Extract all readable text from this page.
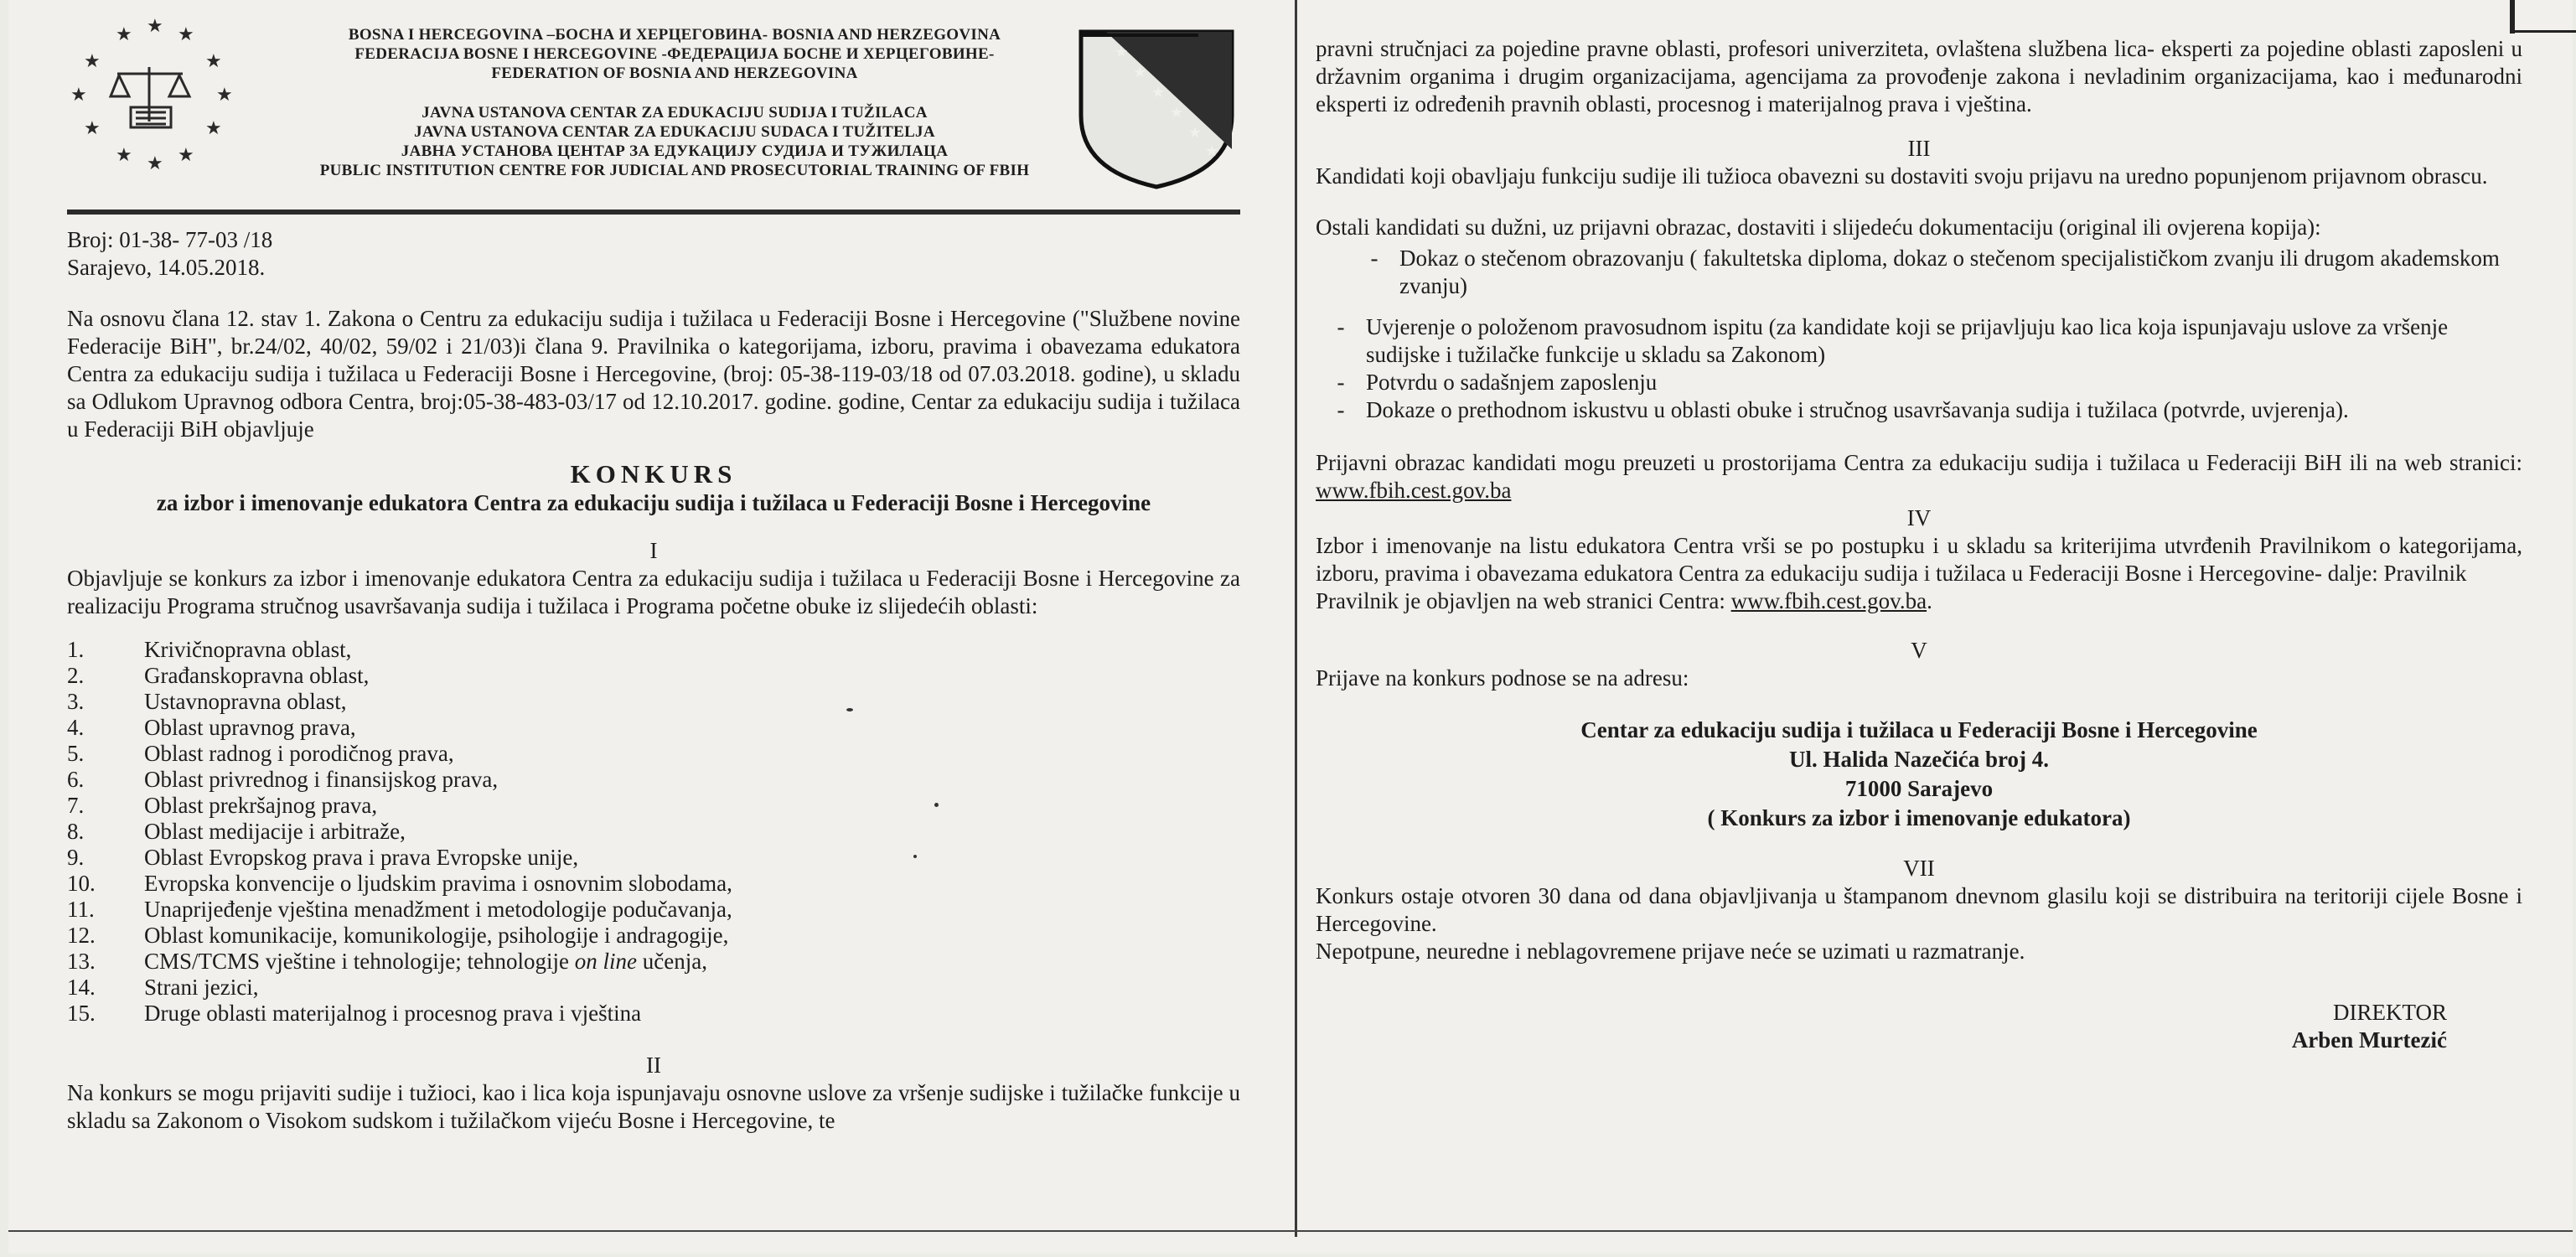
★ ★ ★
★	★
★	★
★	★
★ ★ ★
BOSNA I HERCEGOVINA –БОСНА И ХЕРЦЕГОВИНА- BOSNIA AND HERZEGOVINA
FEDERACIJA BOSNE I HERCEGOVINE -ФЕДЕРАЦИЈА БОСНЕ И ХЕРЦЕГОВИНЕ-
FEDERATION OF BOSNIA AND HERZEGOVINA
JAVNA USTANOVA CENTAR ZA EDUKACIJU SUDIJA I TUŽILACA
JAVNA USTANOVA CENTAR ZA EDUKACIJU SUDACA I TUŽITELJA
ЈАВНА УСТАНОВА ЦЕНТАР ЗА ЕДУКАЦИЈУ СУДИЈА И ТУЖИЛАЦА
PUBLIC INSTITUTION CENTRE FOR JUDICIAL AND PROSECUTORIAL TRAINING OF FBIH
★
★
★
★
★
★

Broj: 01-38- 77-03 /18

Sarajevo, 14.05.2018.

Na osnovu člana 12. stav 1. Zakona o Centru za edukaciju sudija i tužilaca u Federaciji Bosne i Hercegovine ("Službene novine Federacije BiH", br.24/02, 40/02, 59/02 i 21/03)i člana 9. Pravilnika o kategorijama, izboru, pravima i obavezama edukatora Centra za edukaciju sudija i tužilaca u Federaciji Bosne i Hercegovine, (broj: 05-38-119-03/18 od 07.03.2018. godine), u skladu sa Odlukom Upravnog odbora Centra, broj:05-38-483-03/17 od 12.10.2017. godine. godine, Centar za edukaciju sudija i tužilaca u Federaciji BiH objavljuje

KONKURS
za izbor i imenovanje edukatora Centra za edukaciju sudija i tužilaca u Federaciji Bosne i Hercegovine
I

Objavljuje se konkurs za izbor i imenovanje edukatora Centra za edukaciju sudija i tužilaca u Federaciji Bosne i Hercegovine za realizaciju Programa stručnog usavršavanja sudija i tužilaca i Programa početne obuke iz slijedećih oblasti:

1.	Krivičnopravna oblast,
2.	Građanskopravna oblast,
3.	Ustavnopravna oblast,
4.	Oblast upravnog prava,
5.	Oblast radnog i porodičnog prava,
6.	Oblast privrednog i finansijskog prava,
7.	Oblast prekršajnog prava,
8.	Oblast medijacije i arbitraže,
9.	Oblast Evropskog prava i prava Evropske unije,
10.	Evropska konvencije o ljudskim pravima i osnovnim slobodama,
11.	Unaprijeđenje vještina menadžment i metodologije podučavanja,
12.	Oblast komunikacije, komunikologije, psihologije i andragogije,
13.	CMS/TCMS vještine i tehnologije; tehnologije on line učenja,
14.	Strani jezici,
15.	Druge oblasti materijalnog i procesnog prava i vještina
II

Na konkurs se mogu prijaviti sudije i tužioci, kao i lica koja ispunjavaju osnovne uslove za vršenje sudijske i tužilačke funkcije u skladu sa Zakonom o Visokom sudskom i tužilačkom vijeću Bosne i Hercegovine, te

pravni stručnjaci za pojedine pravne oblasti, profesori univerziteta, ovlaštena službena lica- eksperti za pojedine oblasti zaposleni u državnim organima i drugim organizacijama, agencijama za provođenje zakona i nevladinim organizacijama, kao i međunarodni eksperti iz određenih pravnih oblasti, procesnog i materijalnog prava i vještina.

III

Kandidati koji obavljaju funkciju sudije ili tužioca obavezni su dostaviti svoju prijavu na uredno popunjenom prijavnom obrascu.

Ostali kandidati su dužni, uz prijavni obrazac, dostaviti i slijedeću dokumentaciju (original ili ovjerena kopija):

- Dokaz o stečenom obrazovanju ( fakultetska diploma, dokaz o stečenom specijalističkom zvanju ili drugom akademskom zvanju)
- Uvjerenje o položenom pravosudnom ispitu (za kandidate koji se prijavljuju kao lica koja ispunjavaju uslove za vršenje sudijske i tužilačke funkcije u skladu sa Zakonom)
- Potvrdu o sadašnjem zaposlenju
- Dokaze o prethodnom iskustvu u oblasti obuke i stručnog usavršavanja sudija i tužilaca (potvrde, uvjerenja).

Prijavni obrazac kandidati mogu preuzeti u prostorijama Centra za edukaciju sudija i tužilaca u Federaciji BiH ili na web stranici: www.fbih.cest.gov.ba

IV

Izbor i imenovanje na listu edukatora Centra vrši se po postupku i u skladu sa kriterijima utvrđenih Pravilnikom o kategorijama, izboru, pravima i obavezama edukatora Centra za edukaciju sudija i tužilaca u Federaciji Bosne i Hercegovine- dalje: Pravilnik

Pravilnik je objavljen na web stranici Centra: www.fbih.cest.gov.ba.

V

Prijave na konkurs podnose se na adresu:

Centar za edukaciju sudija i tužilaca u Federaciji Bosne i Hercegovine
Ul. Halida Nazečića broj 4.
71000 Sarajevo
( Konkurs za izbor i imenovanje edukatora)
VII

Konkurs ostaje otvoren 30 dana od dana objavljivanja u štampanom dnevnom glasilu koji se distribuira na teritoriji cijele Bosne i Hercegovine.

Nepotpune, neuredne i neblagovremene prijave neće se uzimati u razmatranje.

DIREKTOR
Arben Murtezić
